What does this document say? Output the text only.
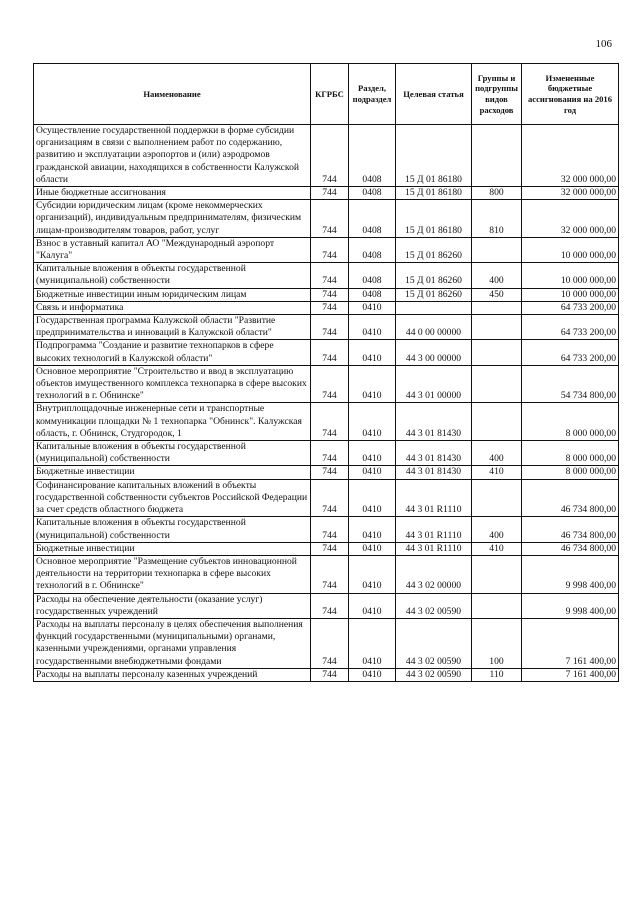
106
Наименование	КГРБС	Раздел, подраздел	Целевая статья	Группы и подгруппы видов расходов	Измененные бюджетные ассигнования на 2016 год
Осуществление государственной поддержки в форме субсидии организациям в связи с выполнением работ по содержанию, развитию и эксплуатации аэропортов и (или) аэродромов гражданской авиации, находящихся в собственности Калужской области	744	0408	15 Д 01 86180		32 000 000,00
Иные бюджетные ассигнования	744	0408	15 Д 01 86180	800	32 000 000,00
Субсидии юридическим лицам (кроме некоммерческих организаций), индивидуальным предпринимателям, физическим лицам-производителям товаров, работ, услуг	744	0408	15 Д 01 86180	810	32 000 000,00
Взнос в уставный капитал АО "Международный аэропорт "Калуга"	744	0408	15 Д 01 86260		10 000 000,00
Капитальные вложения в объекты государственной (муниципальной) собственности	744	0408	15 Д 01 86260	400	10 000 000,00
Бюджетные инвестиции иным юридическим лицам	744	0408	15 Д 01 86260	450	10 000 000,00
Связь и информатика	744	0410			64 733 200,00
Государственная программа Калужской области "Развитие предпринимательства и инноваций в Калужской области"	744	0410	44 0 00 00000		64 733 200,00
Подпрограмма "Создание и развитие технопарков в сфере высоких технологий в Калужской области"	744	0410	44 3 00 00000		64 733 200,00
Основное мероприятие "Строительство и ввод в эксплуатацию объектов имущественного комплекса технопарка в сфере высоких технологий в г. Обнинске"	744	0410	44 3 01 00000		54 734 800,00
Внутриплощадочные инженерные сети и транспортные коммуникации площадки № 1 технопарка "Обнинск". Калужская область, г. Обнинск, Студгородок, 1	744	0410	44 3 01 81430		8 000 000,00
Капитальные вложения в объекты государственной (муниципальной) собственности	744	0410	44 3 01 81430	400	8 000 000,00
Бюджетные инвестиции	744	0410	44 3 01 81430	410	8 000 000,00
Софинансирование капитальных вложений в объекты государственной собственности субъектов Российской Федерации за счет средств областного бюджета	744	0410	44 3 01 R1110		46 734 800,00
Капитальные вложения в объекты государственной (муниципальной) собственности	744	0410	44 3 01 R1110	400	46 734 800,00
Бюджетные инвестиции	744	0410	44 3 01 R1110	410	46 734 800,00
Основное мероприятие "Размещение субъектов инновационной деятельности на территории технопарка в сфере высоких технологий в г. Обнинске"	744	0410	44 3 02 00000		9 998 400,00
Расходы на обеспечение деятельности (оказание услуг) государственных учреждений	744	0410	44 3 02 00590		9 998 400,00
Расходы на выплаты персоналу в целях обеспечения выполнения функций государственными (муниципальными) органами, казенными учреждениями, органами управления государственными внебюджетными фондами	744	0410	44 3 02 00590	100	7 161 400,00
Расходы на выплаты персоналу казенных учреждений	744	0410	44 3 02 00590	110	7 161 400,00
